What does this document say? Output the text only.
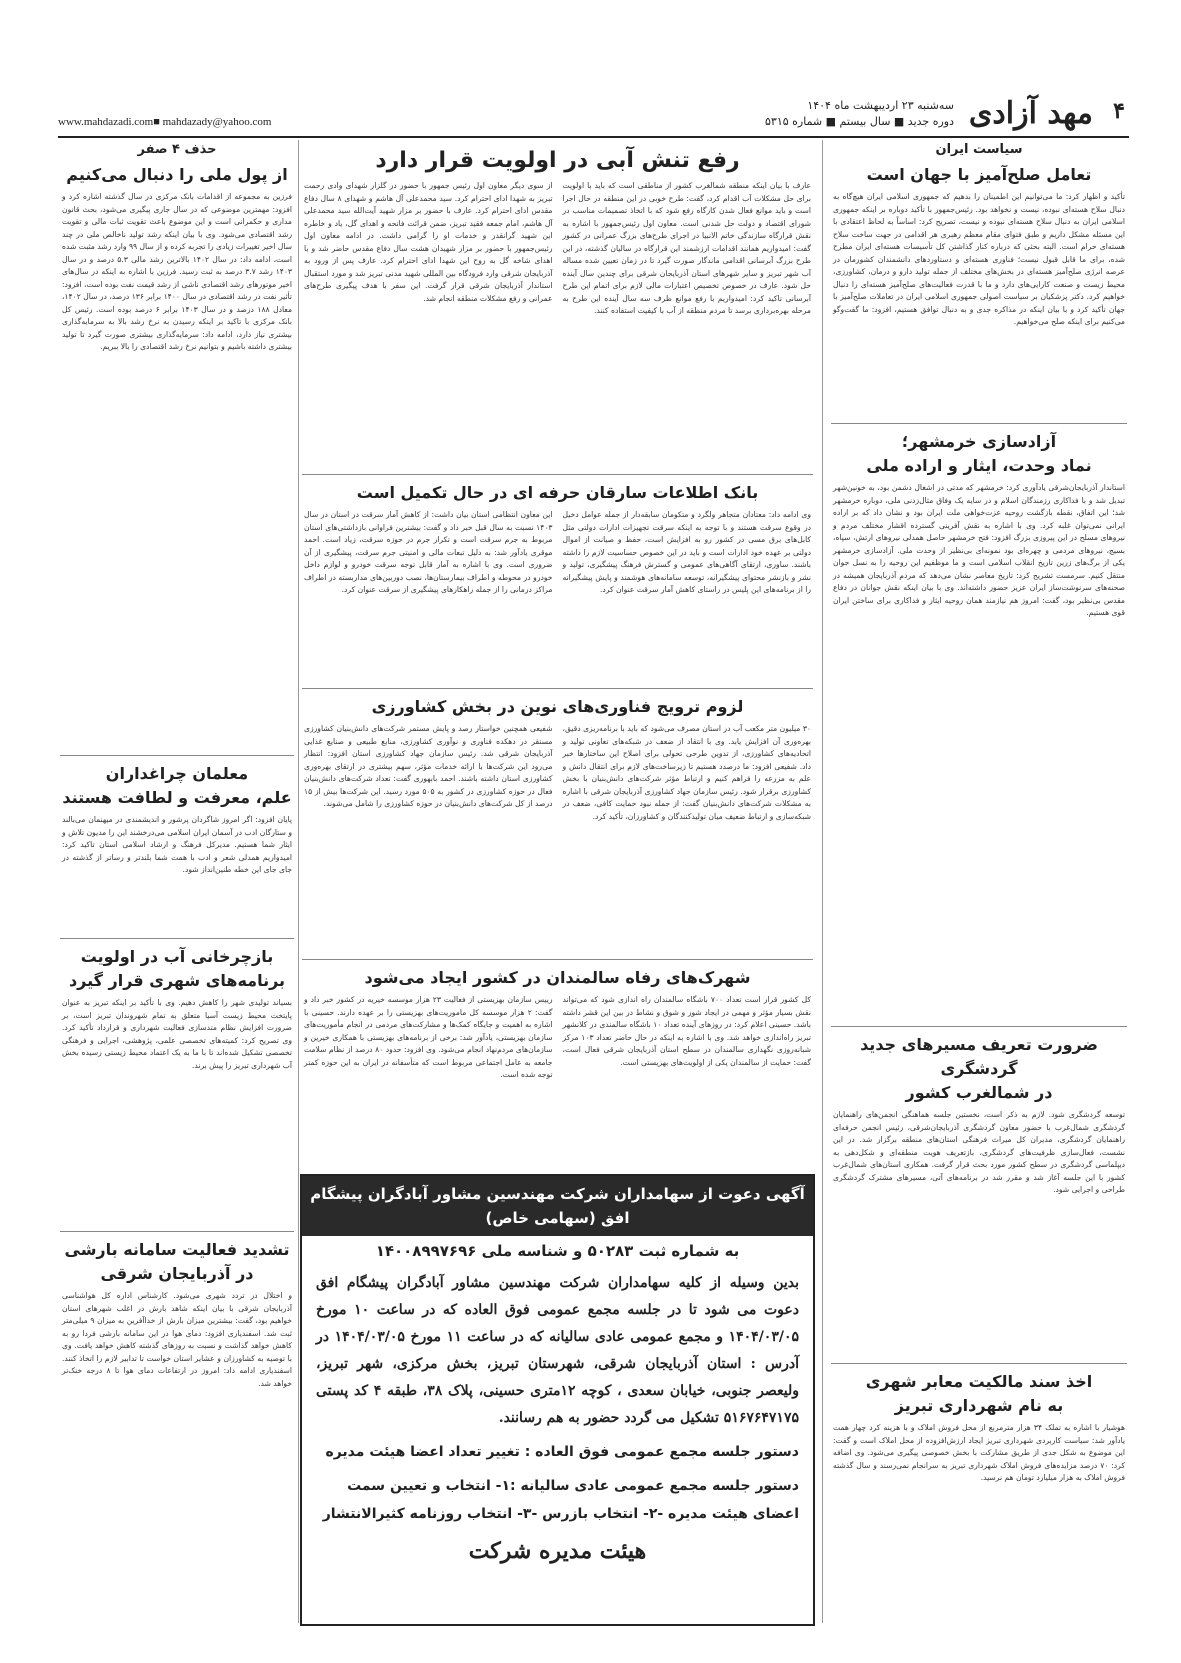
۴
مهد آزادی
سه‌شنبه ۲۳ اردیبهشت ماه ۱۴۰۴
دوره جدید ■ سال بیستم ■ شماره ۵۳۱۵
www.mahdazadi.com■ mahdazady@yahoo.com
سیاست ایران
تعامل صلح‌آمیز با جهان است

تأکید و اظهار کرد: ما می‌توانیم این اطمینان را بدهیم که جمهوری اسلامی ایران هیچ‌گاه به دنبال سلاح هسته‌ای نبوده، نیست و نخواهد بود. رئیس‌جمهور با تأکید دوباره بر اینکه جمهوری اسلامی ایران به دنبال سلاح هسته‌ای نبوده و نیست، تصریح کرد: اساساً به لحاظ اعتقادی با این مسئله مشکل داریم و طبق فتوای مقام معظم رهبری هر اقدامی در جهت ساخت سلاح هسته‌ای حرام است. البته بحثی که درباره کنار گذاشتن کل تأسیسات هسته‌ای ایران مطرح شده، برای ما قابل قبول نیست؛ فناوری هسته‌ای و دستاوردهای دانشمندان کشورمان در عرصه انرژی صلح‌آمیز هسته‌ای در بخش‌های مختلف از جمله تولید دارو و درمان، کشاورزی، محیط زیست و صنعت کارایی‌های دارد و ما با قدرت فعالیت‌های صلح‌آمیز هسته‌ای را دنبال خواهیم کرد. دکتر پزشکیان بر سیاست اصولی جمهوری اسلامی ایران در تعاملات صلح‌آمیز با جهان تأکید کرد و با بیان اینکه در مذاکره جدی و به دنبال توافق هستیم، افزود: ما گفت‌وگو می‌کنیم برای اینکه صلح می‌خواهیم.

آزادسازی خرمشهر؛
نماد وحدت، ایثار و اراده ملی

استاندار آذربایجان‌شرقی یادآوری کرد: خرمشهر که مدتی در اشغال دشمن بود، به خونین‌شهر تبدیل شد و با فداکاری رزمندگان اسلام و در سایه یک وفاق مثال‌زدنی ملی، دوباره خرمشهر شد؛ این اتفاق، نقطه بازگشت روحیه عزت‌خواهی ملت ایران بود و نشان داد که بر اراده ایرانی نمی‌توان غلبه کرد. وی با اشاره به نقش آفرینی گسترده اقشار مختلف مردم و نیروهای مسلح در این پیروزی بزرگ افزود: فتح خرمشهر حاصل همدلی نیروهای ارتش، سپاه، بسیج، نیروهای مردمی و چهره‌ای بود نمونه‌ای بی‌نظیر از وحدت ملی. آزادسازی خرمشهر یکی از برگ‌های زرین تاریخ انقلاب اسلامی است و ما موظفیم این روحیه را به نسل جوان منتقل کنیم. سرمست تشریح کرد: تاریخ معاصر نشان می‌دهد که مردم آذربایجان همیشه در صحنه‌های سرنوشت‌ساز ایران عزیز حضور داشته‌اند. وی با بیان اینکه نقش جوانان در دفاع مقدس بی‌نظیر بود، گفت: امروز هم نیازمند همان روحیه ایثار و فداکاری برای ساختن ایران قوی هستیم.

ضرورت تعریف مسیرهای جدید گردشگری
در شمالغرب کشور

توسعه گردشگری شود. لازم به ذکر است، نخستین جلسه هماهنگی انجمن‌های راهنمایان گردشگری شمال‌غرب با حضور معاون گردشگری آذربایجان‌شرقی، رئیس انجمن حرفه‌ای راهنمایان گردشگری، مدیران کل میراث فرهنگی استان‌های منطقه برگزار شد. در این نشست، فعال‌سازی ظرفیت‌های گردشگری، بازتعریف هویت منطقه‌ای و شکل‌دهی به دیپلماسی گردشگری در سطح کشور مورد بحث قرار گرفت. همکاری استان‌های شمال‌غرب کشور با این جلسه آغاز شد و مقرر شد در برنامه‌های آتی، مسیرهای مشترک گردشگری طراحی و اجرایی شود.

اخذ سند مالکیت معابر شهری
به نام شهرداری تبریز

هوشیار با اشاره به تملک ۳۴ هزار مترمربع از محل فروش املاک و با هزینه کرد چهار همت یادآور شد: سیاست کاربردی شهرداری تبریز ایجاد ارزش‌افزوده از محل املاک است و گفت: این موضوع به شکل جدی از طریق مشارکت با بخش خصوصی پیگیری می‌شود. وی اضافه کرد: ۷۰ درصد مزایده‌های فروش املاک شهرداری تبریز به سرانجام نمی‌رسند و سال گذشته فروش املاک به هزار میلیارد تومان هم نرسید.

رفع تنش آبی در اولویت قرار دارد

عارف با بیان اینکه منطقه شمالغرب کشور از مناطقی است که باید با اولویت برای حل مشکلات آب اقدام کرد، گفت: طرح خوبی در این منطقه در حال اجرا است و باید موانع فعال شدن کارگاه رفع شود که با اتخاذ تصمیمات مناسب در شورای اقتصاد و دولت حل شدنی است. معاون اول رئیس‌جمهور با اشاره به نقش قرارگاه سازندگی خاتم الانبیا در اجرای طرح‌های بزرگ عمرانی در کشور گفت: امیدواریم همانند اقدامات ارزشمند این قرارگاه در سالیان گذشته، در این طرح بزرگ آبرسانی اقدامی ماندگار صورت گیرد تا در زمان تعیین شده مساله آب شهر تبریز و سایر شهرهای استان آذربایجان شرقی برای چندین سال آینده حل شود. عارف در خصوص تخصیص اعتبارات مالی لازم برای اتمام این طرح آبرسانی تاکید کرد: امیدواریم با رفع موانع ظرف سه سال آینده این طرح به مرحله بهره‌برداری برسد تا مردم منطقه از آب با کیفیت استفاده کنند.

از سوی دیگر معاون اول رئیس جمهور با حضور در گلزار شهدای وادی رحمت تبریز به شهدا ادای احترام کرد. سید محمدعلی آل هاشم و شهدای ۸ سال دفاع مقدس ادای احترام کرد. عارف با حضور بر مزار شهید آیت‌الله سید محمدعلی آل هاشم، امام جمعه فقید تبریز، ضمن قرائت فاتحه و اهدای گل، یاد و خاطره این شهید گرانقدر و خدمات او را گرامی داشت. در ادامه معاون اول رئیس‌جمهور با حضور بر مزار شهیدان هشت سال دفاع مقدس حاضر شد و با اهدای شاخه گل به روح این شهدا ادای احترام کرد. عارف پس از ورود به آذربایجان شرقی وارد فرودگاه بین المللی شهید مدنی تبریز شد و مورد استقبال استاندار آذربایجان شرقی قرار گرفت. این سفر با هدف پیگیری طرح‌های عمرانی و رفع مشکلات منطقه انجام شد.

بانک اطلاعات سارقان حرفه ای در حال تکمیل است

وی ادامه داد: معتادان متجاهر ولگرد و متکومان سابقه‌دار از جمله عوامل دخیل در وقوع سرقت هستند و با توجه به اینکه سرقت تجهیزات ادارات دولتی مثل کابل‌های برق مسی در کشور رو به افزایش است، حفظ و صیانت از اموال دولتی بر عهده خود ادارات است و باید در این خصوص حساسیت لازم را داشته باشند. ساوری، ارتقای آگاهی‌های عمومی و گسترش فرهنگ پیشگیری، تولید و نشر و بازنشر محتوای پیشگیرانه، توسعه سامانه‌های هوشمند و پایش پیشگیرانه را از برنامه‌های این پلیس در راستای کاهش آمار سرقت عنوان کرد.

این معاون انتظامی استان بیان داشت: از کاهش آمار سرقت در استان در سال ۱۴۰۳ نسبت به سال قبل خبر داد و گفت: بیشترین فراوانی بازداشتی‌های استان مربوط به جرم سرقت است و تکرار جرم در حوزه سرقت، زیاد است. احمد موقری یادآور شد: به دلیل تبعات مالی و امنیتی جرم سرقت، پیشگیری از آن ضروری است. وی با اشاره به آمار قابل توجه سرقت خودرو و لوازم داخل خودرو در محوطه و اطراف بیمارستان‌ها، نصب دوربین‌های مداربسته در اطراف مراکز درمانی را از جمله راهکارهای پیشگیری از سرقت عنوان کرد.

لزوم ترویج فناوری‌های نوین در بخش کشاورزی

۳۰ میلیون متر مکعب آب در استان مصرف می‌شود که باید با برنامه‌ریزی دقیق، بهره‌وری آن افزایش یابد. وی با انتقاد از ضعف در شبکه‌های تعاونی تولید و اتحادیه‌های کشاورزی، از تدوین طرحی تحولی برای اصلاح این ساختارها خبر داد. شفیعی افزود: ما درصدد هستیم تا زیرساخت‌های لازم برای انتقال دانش و علم به مزرعه را فراهم کنیم و ارتباط مؤثر شرکت‌های دانش‌بنیان با بخش کشاورزی برقرار شود. رئیس سازمان جهاد کشاورزی آذربایجان شرقی با اشاره به مشکلات شرکت‌های دانش‌بنیان گفت: از جمله نبود حمایت کافی، ضعف در شبکه‌سازی و ارتباط ضعیف میان تولیدکنندگان و کشاورزان، تأکید کرد.

شفیعی همچنین خواستار رصد و پایش مستمر شرکت‌های دانش‌بنیان کشاورزی مستقر در دهکده فناوری و نوآوری کشاورزی، منابع طبیعی و صنایع غذایی آذربایجان شرقی شد. رئیس سازمان جهاد کشاورزی استان افزود: انتظار می‌رود این شرکت‌ها با ارائه خدمات مؤثر، سهم بیشتری در ارتقای بهره‌وری کشاورزی استان داشته باشند. احمد بابهوری گفت: تعداد شرکت‌های دانش‌بنیان فعال در حوزه کشاورزی در کشور به ۵۰۵ مورد رسید. این شرکت‌ها بیش از ۱۵ درصد از کل شرکت‌های دانش‌بنیان در حوزه کشاورزی را شامل می‌شوند.

شهرک‌های رفاه سالمندان در کشور ایجاد می‌شود

کل کشور قرار است تعداد ۷۰۰ باشگاه سالمندان راه اندازی شود که می‌تواند نقش بسیار مؤثر و مهمی در ایجاد شور و شوق و نشاط در بین این قشر داشته باشد. حسینی اعلام کرد: در روزهای آینده تعداد ۱۰ باشگاه سالمندی در کلانشهر تبریز راه‌اندازی خواهد شد. وی با اشاره به اینکه در حال حاضر تعداد ۱۰۳ مرکز شبانه‌روزی نگهداری سالمندان در سطح استان آذربایجان شرقی فعال است، گفت: حمایت از سالمندان یکی از اولویت‌های بهزیستی است.

رییس سازمان بهزیستی از فعالیت ۲۳ هزار موسسه خیریه در کشور خبر داد و گفت: ۲ هزار موسسه کل ماموریت‌های بهزیستی را بر عهده دارند. حسینی با اشاره به اهمیت و جایگاه کمک‌ها و مشارکت‌های مردمی در انجام مأموریت‌های سازمان بهزیستی، یادآور شد: برخی از برنامه‌های بهزیستی با همکاری خیرین و سازمان‌های مردم‌نهاد انجام می‌شود. وی افزود: حدود ۸۰ درصد از نظام سلامت جامعه به عامل اجتماعی مربوط است که متأسفانه در ایران به این حوزه کمتر توجه شده است.

آگهی دعوت از سهامداران شرکت مهندسین مشاور آبادگران پیشگام افق (سهامی خاص)
به شماره ثبت ۵۰۲۸۳ و شناسه ملی ۱۴۰۰۸۹۹۷۶۹۶
بدین وسیله از کلیه سهامداران شرکت مهندسین مشاور آبادگران پیشگام افق دعوت می شود تا در جلسه مجمع عمومی فوق العاده که در ساعت ۱۰ مورخ ۱۴۰۴/۰۳/۰۵ و مجمع عمومی عادی سالیانه که در ساعت ۱۱ مورخ ۱۴۰۴/۰۳/۰۵ در آدرس : استان آذربایجان شرقی، شهرستان تبریز، بخش مرکزی، شهر تبریز، ولیعصر جنوبی، خیابان سعدی ، کوچه ۱۲متری حسینی، پلاک ۳۸، طبقه ۴ کد پستی ۵۱۶۷۶۴۷۱۷۵ تشکیل می گردد حضور به هم رسانند.
دستور جلسه مجمع عمومی فوق العاده : تغییر تعداد اعضا هیئت مدیره
دستور جلسه مجمع عمومی عادی سالیانه :۱- انتخاب و تعیین سمت اعضای هیئت مدیره -۲- انتخاب بازرس -۳- انتخاب روزنامه کثیرالانتشار
هیئت مدیره شرکت
حذف ۴ صفر
از پول ملی را دنبال می‌کنیم

فرزین به مجموعه از اقدامات بانک مرکزی در سال گذشته اشاره کرد و افزود: مهمترین موضوعی که در سال جاری پیگیری می‌شود، بحث قانون مداری و حکمرانی است و این موضوع باعث تقویت ثبات مالی و تقویت رشد اقتصادی می‌شود. وی با بیان اینکه رشد تولید ناخالص ملی در چند سال اخیر تغییرات زیادی را تجربه کرده و از سال ۹۹ وارد رشد مثبت شده است، ادامه داد: در سال ۱۴۰۲ بالاترین رشد مالی ۵.۳ درصد و در سال ۱۴۰۳ رشد ۳.۷ درصد به ثبت رسید. فرزین با اشاره به اینکه در سال‌های اخیر موتورهای رشد اقتصادی ناشی از رشد قیمت نفت بوده است، افزود: تأثیر نفت در رشد اقتصادی در سال ۱۴۰۰ برابر ۱۳۶ درصد، در سال ۱۴۰۲، معادل ۱۸۸ درصد و در سال ۱۴۰۳ برابر ۶ درصد بوده است. رئیس کل بانک مرکزی با تاکید بر اینکه رسیدن به نرخ رشد بالا به سرمایه‌گذاری بیشتری نیاز دارد، ادامه داد: سرمایه‌گذاری بیشتری صورت گیرد تا تولید بیشتری داشته باشیم و بتوانیم نرخ رشد اقتصادی را بالا ببریم.

معلمان چراغداران
علم، معرفت و لطافت هستند

پایان افزود: اگر امروز شاگردان پرشور و اندیشمندی در میهنمان می‌بالند و ستارگان ادب در آسمان ایران اسلامی می‌درخشند این را مدیون تلاش و ایثار شما هستیم. مدیرکل فرهنگ و ارشاد اسلامی استان تاکید کرد: امیدواریم همدلی شعر و ادب با همت شما بلندتر و رساتر از گذشته در جای جای این خطه طنین‌انداز شود.

بازچرخانی آب در اولویت
برنامه‌های شهری قرار گیرد

بسیاند تولیدی شهر را کاهش دهیم. وی با تأکید بر اینکه تبریز به عنوان پایتخت محیط زیست آسیا متعلق به تمام شهروندان تبریز است، بر ضرورت افزایش نظام متدسازی فعالیت شهرداری و قرارداد تأکید کرد. وی تصریح کرد: کمیته‌های تخصصی علمی، پژوهشی، اجرایی و فرهنگی تخصصی تشکیل شده‌اند تا با ما به یک اعتماد محیط زیستی رسیده بخش آب شهرداری تبریز را پیش برند.

تشدید فعالیت سامانه بارشی
در آذربایجان شرقی

و اختلال در تردد شهری می‌شود. کارشناس اداره کل هواشناسی آذربایجان شرقی با بیان اینکه شاهد بارش در اغلب شهرهای استان خواهیم بود، گفت: بیشترین میزان بارش از خداآفرین به میزان ۹ میلی‌متر ثبت شد. اسفندیاری افزود: دمای هوا در این سامانه بارشی فردا رو به کاهش خواهد گذاشت و نسبت به روزهای گذشته کاهش خواهد یافت. وی با توصیه به کشاورزان و عشایر استان خواست تا تدابیر لازم را اتخاذ کنند. اسفندیاری ادامه داد: امروز در ارتفاعات دمای هوا تا ۸ درجه خنک‌تر خواهد شد.
